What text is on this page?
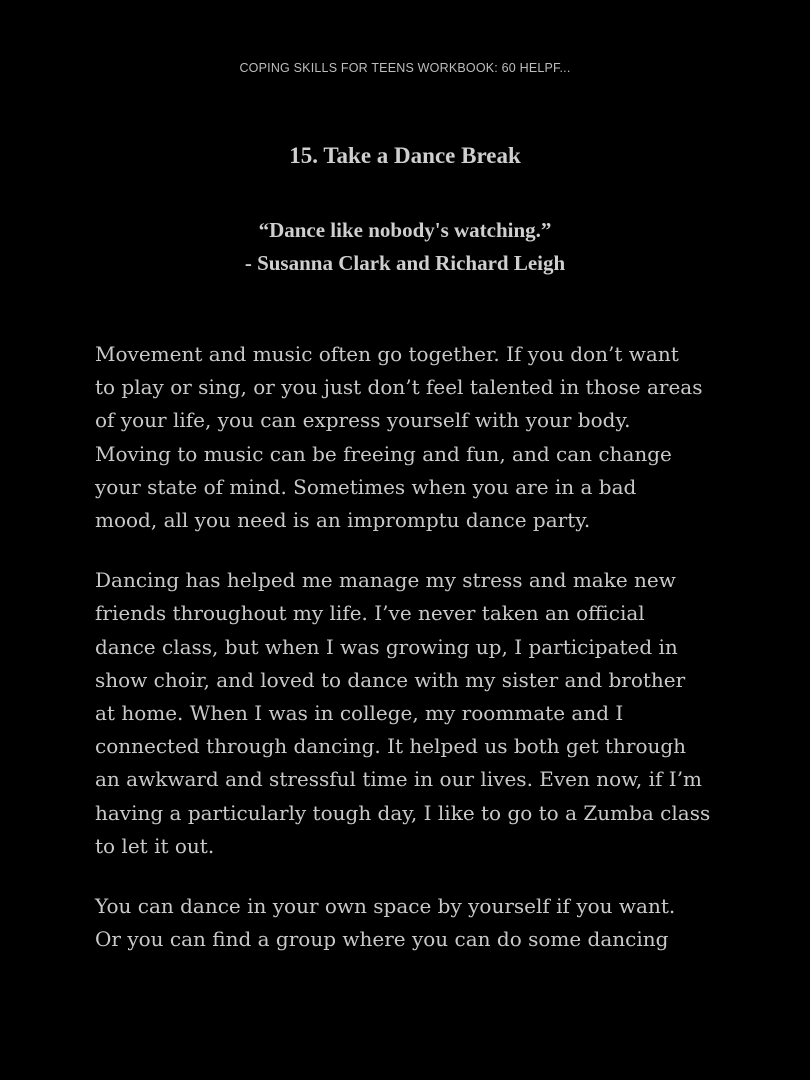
COPING SKILLS FOR TEENS WORKBOOK: 60 HELPF...
15. Take a Dance Break
“Dance like nobody's watching.”
- Susanna Clark and Richard Leigh

Movement and music often go together. If you don’t want
to play or sing, or you just don’t feel talented in those areas
of your life, you can express yourself with your body.
Moving to music can be freeing and fun, and can change
your state of mind. Sometimes when you are in a bad
mood, all you need is an impromptu dance party.

Dancing has helped me manage my stress and make new
friends throughout my life. I’ve never taken an official
dance class, but when I was growing up, I participated in
show choir, and loved to dance with my sister and brother
at home. When I was in college, my roommate and I
connected through dancing. It helped us both get through
an awkward and stressful time in our lives. Even now, if I’m
having a particularly tough day, I like to go to a Zumba class
to let it out.

You can dance in your own space by yourself if you want.
Or you can find a group where you can do some dancing
